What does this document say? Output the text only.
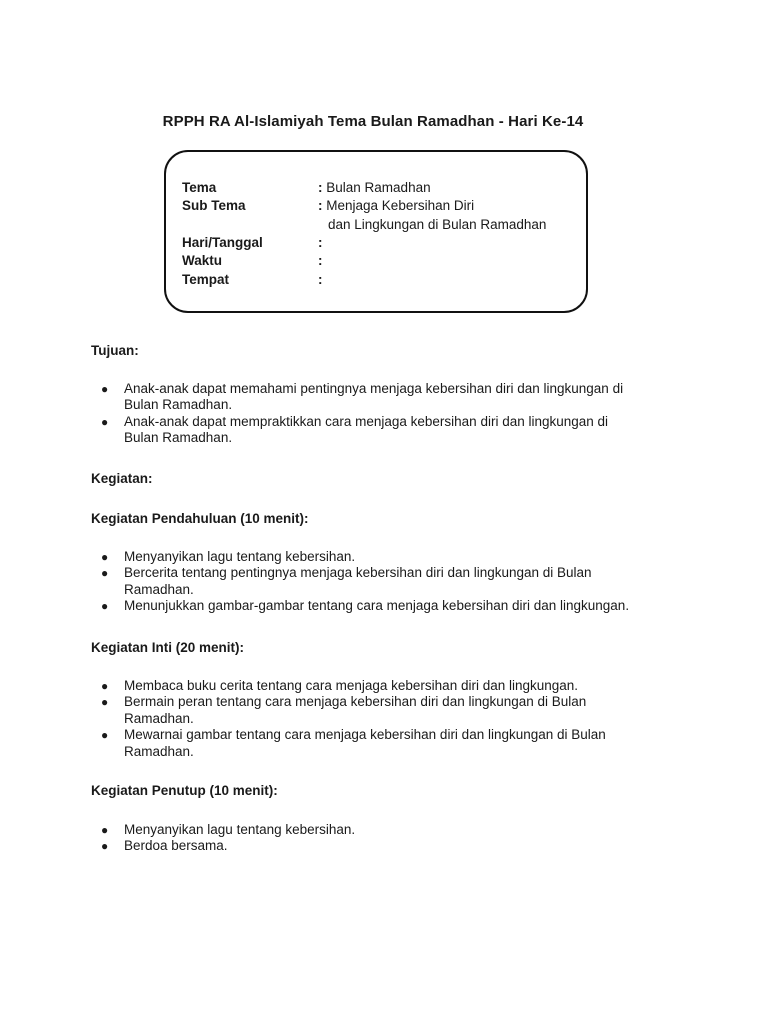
RPPH RA Al-Islamiyah Tema Bulan Ramadhan - Hari Ke-14
Tema	: Bulan Ramadhan
Sub Tema	: Menjaga Kebersihan Diri
dan Lingkungan di Bulan Ramadhan
Hari/Tanggal	:
Waktu	:
Tempat	:
Tujuan:
● Anak-anak dapat memahami pentingnya menjaga kebersihan diri dan lingkungan di
Bulan Ramadhan.
● Anak-anak dapat mempraktikkan cara menjaga kebersihan diri dan lingkungan di
Bulan Ramadhan.
Kegiatan:
Kegiatan Pendahuluan (10 menit):
● Menyanyikan lagu tentang kebersihan.
● Bercerita tentang pentingnya menjaga kebersihan diri dan lingkungan di Bulan
Ramadhan.
● Menunjukkan gambar-gambar tentang cara menjaga kebersihan diri dan lingkungan.
Kegiatan Inti (20 menit):
● Membaca buku cerita tentang cara menjaga kebersihan diri dan lingkungan.
● Bermain peran tentang cara menjaga kebersihan diri dan lingkungan di Bulan
Ramadhan.
● Mewarnai gambar tentang cara menjaga kebersihan diri dan lingkungan di Bulan
Ramadhan.
Kegiatan Penutup (10 menit):
● Menyanyikan lagu tentang kebersihan.
● Berdoa bersama.
